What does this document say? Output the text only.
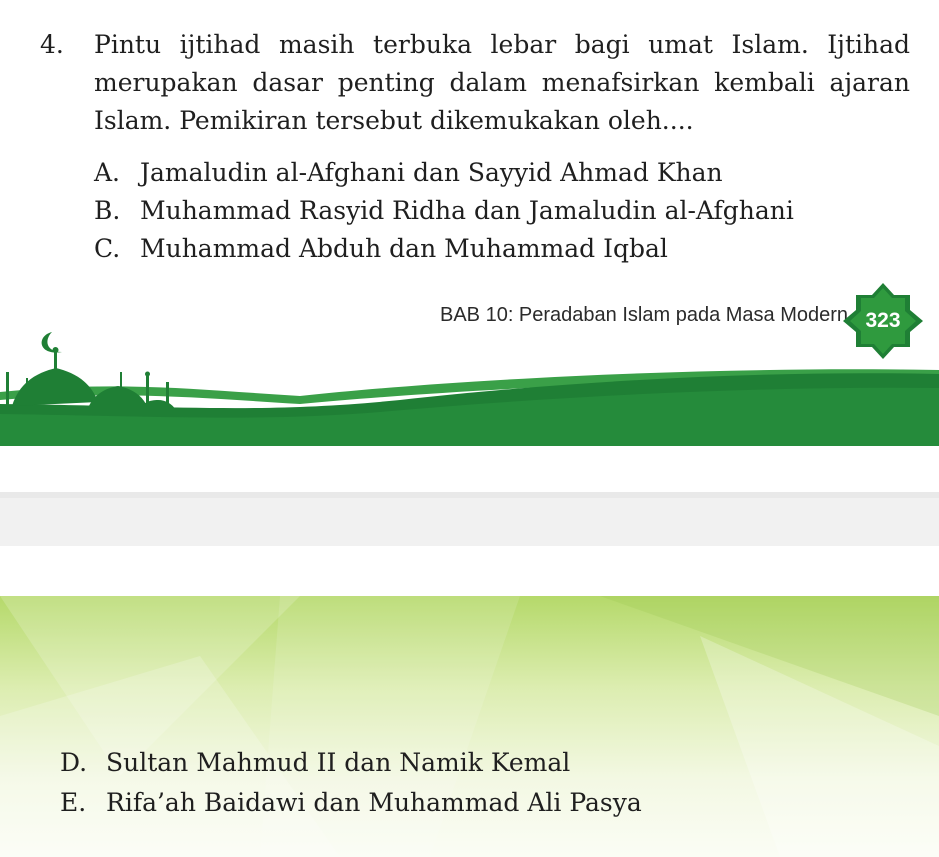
4. Pintu ijtihad masih terbuka lebar bagi umat Islam. Ijtihad merupakan dasar penting dalam menafsirkan kembali ajaran Islam. Pemikiran tersebut dikemukakan oleh....
A. Jamaludin al-Afghani dan Sayyid Ahmad Khan
B. Muhammad Rasyid Ridha dan Jamaludin al-Afghani
C. Muhammad Abduh dan Muhammad Iqbal
BAB 10: Peradaban Islam pada Masa Modern 323
D. Sultan Mahmud II dan Namik Kemal
E. Rifa’ah Baidawi dan Muhammad Ali Pasya
